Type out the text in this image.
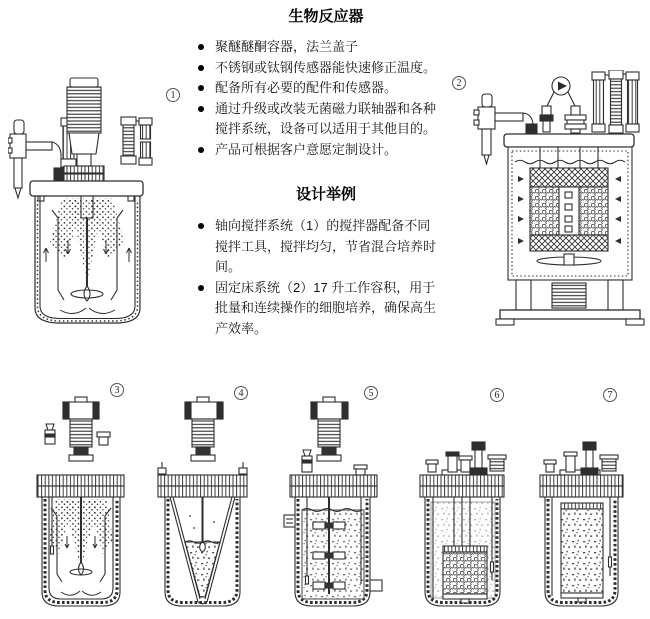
生物反应器
聚醚醚酮容器，法兰盖子
不锈钢或钛钢传感器能快速修正温度。
配备所有必要的配件和传感器。
通过升级或改装无菌磁力联轴器和各种搅拌系统，设备可以适用于其他目的。
产品可根据客户意愿定制设计。
设计举例
轴向搅拌系统（1）的搅拌器配备不同搅拌工具，搅拌均匀，节省混合培养时间。
固定床系统（2）17 升工作容积，用于批量和连续操作的细胞培养，确保高生产效率。
1
2
3	4	5	6	7
